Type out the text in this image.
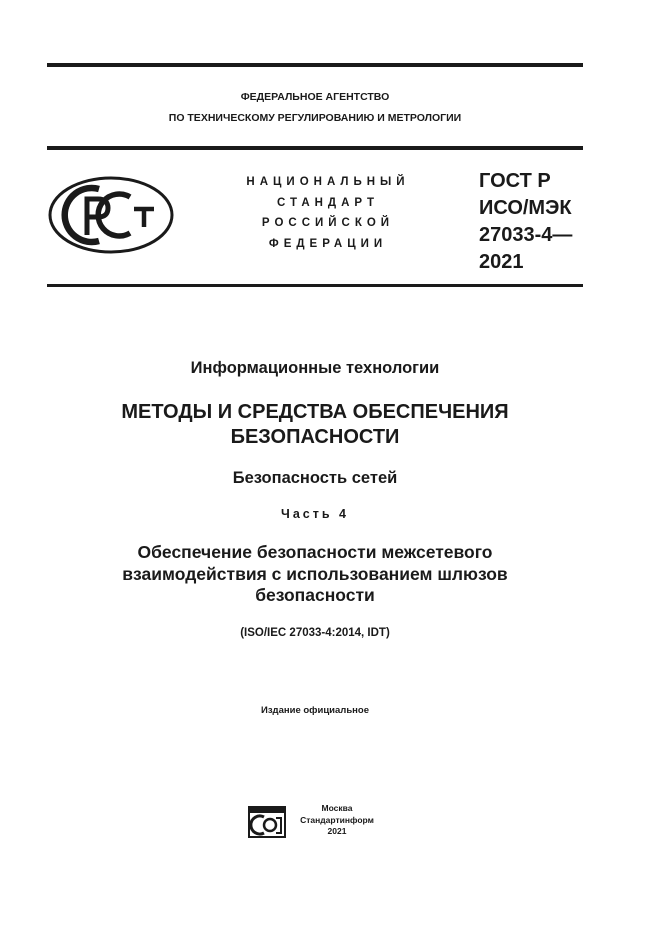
ФЕДЕРАЛЬНОЕ АГЕНТСТВО
ПО ТЕХНИЧЕСКОМУ РЕГУЛИРОВАНИЮ И МЕТРОЛОГИИ
НАЦИОНАЛЬНЫЙ
СТАНДАРТ
РОССИЙСКОЙ
ФЕДЕРАЦИИ
ГОСТ Р
ИСО/МЭК
27033-4—
2021
Информационные технологии
МЕТОДЫ И СРЕДСТВА ОБЕСПЕЧЕНИЯ
БЕЗОПАСНОСТИ
Безопасность сетей
Часть 4
Обеспечение безопасности межсетевого
взаимодействия с использованием шлюзов
безопасности
(ISO/IEC 27033-4:2014, IDT)
Издание официальное
Москва
Стандартинформ
2021
